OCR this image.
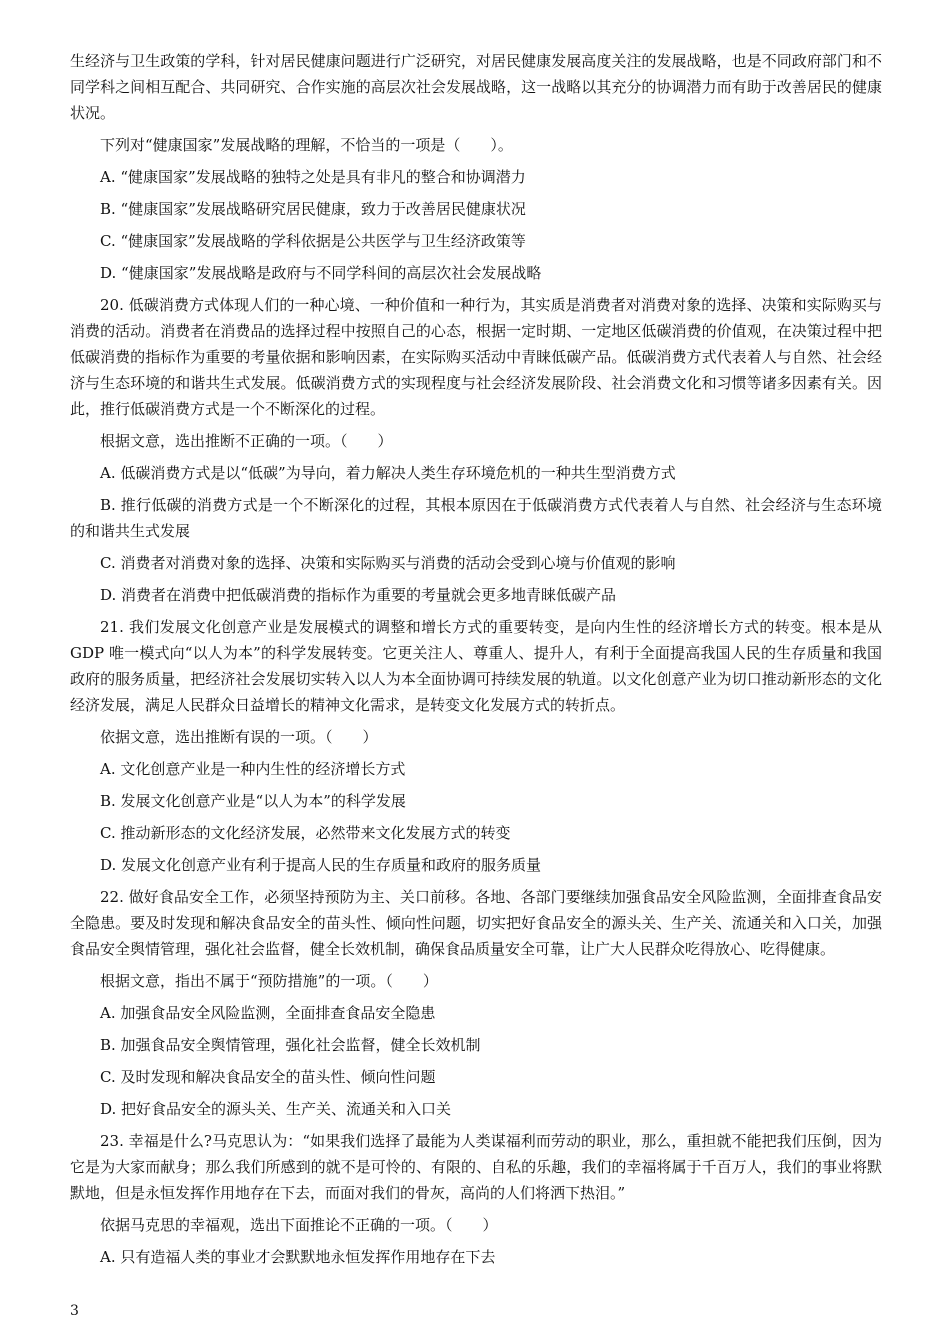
生经济与卫生政策的学科，针对居民健康问题进行广泛研究，对居民健康发展高度关注的发展战略，也是不同政府部门和不同学科之间相互配合、共同研究、合作实施的高层次社会发展战略，这一战略以其充分的协调潜力而有助于改善居民的健康状况。

下列对“健康国家”发展战略的理解，不恰当的一项是（　　）。

A. “健康国家”发展战略的独特之处是具有非凡的整合和协调潜力

B. “健康国家”发展战略研究居民健康，致力于改善居民健康状况

C. “健康国家”发展战略的学科依据是公共医学与卫生经济政策等

D. “健康国家”发展战略是政府与不同学科间的高层次社会发展战略

20. 低碳消费方式体现人们的一种心境、一种价值和一种行为，其实质是消费者对消费对象的选择、决策和实际购买与消费的活动。消费者在消费品的选择过程中按照自己的心态，根据一定时期、一定地区低碳消费的价值观，在决策过程中把低碳消费的指标作为重要的考量依据和影响因素，在实际购买活动中青睐低碳产品。低碳消费方式代表着人与自然、社会经济与生态环境的和谐共生式发展。低碳消费方式的实现程度与社会经济发展阶段、社会消费文化和习惯等诸多因素有关。因此，推行低碳消费方式是一个不断深化的过程。

根据文意，选出推断不正确的一项。（　　）

A. 低碳消费方式是以“低碳”为导向，着力解决人类生存环境危机的一种共生型消费方式

B. 推行低碳的消费方式是一个不断深化的过程，其根本原因在于低碳消费方式代表着人与自然、社会经济与生态环境的和谐共生式发展

C. 消费者对消费对象的选择、决策和实际购买与消费的活动会受到心境与价值观的影响

D. 消费者在消费中把低碳消费的指标作为重要的考量就会更多地青睐低碳产品

21. 我们发展文化创意产业是发展模式的调整和增长方式的重要转变，是向内生性的经济增长方式的转变。根本是从 GDP 唯一模式向“以人为本”的科学发展转变。它更关注人、尊重人、提升人，有利于全面提高我国人民的生存质量和我国政府的服务质量，把经济社会发展切实转入以人为本全面协调可持续发展的轨道。以文化创意产业为切口推动新形态的文化经济发展，满足人民群众日益增长的精神文化需求，是转变文化发展方式的转折点。

依据文意，选出推断有误的一项。（　　）

A. 文化创意产业是一种内生性的经济增长方式

B. 发展文化创意产业是“以人为本”的科学发展

C. 推动新形态的文化经济发展，必然带来文化发展方式的转变

D. 发展文化创意产业有利于提高人民的生存质量和政府的服务质量

22. 做好食品安全工作，必须坚持预防为主、关口前移。各地、各部门要继续加强食品安全风险监测，全面排查食品安全隐患。要及时发现和解决食品安全的苗头性、倾向性问题，切实把好食品安全的源头关、生产关、流通关和入口关，加强食品安全舆情管理，强化社会监督，健全长效机制，确保食品质量安全可靠，让广大人民群众吃得放心、吃得健康。

根据文意，指出不属于“预防措施”的一项。（　　）

A. 加强食品安全风险监测，全面排查食品安全隐患

B. 加强食品安全舆情管理，强化社会监督，健全长效机制

C. 及时发现和解决食品安全的苗头性、倾向性问题

D. 把好食品安全的源头关、生产关、流通关和入口关

23. 幸福是什么?马克思认为：“如果我们选择了最能为人类谋福利而劳动的职业，那么，重担就不能把我们压倒，因为它是为大家而献身；那么我们所感到的就不是可怜的、有限的、自私的乐趣，我们的幸福将属于千百万人，我们的事业将默默地，但是永恒发挥作用地存在下去，而面对我们的骨灰，高尚的人们将洒下热泪。”

依据马克思的幸福观，选出下面推论不正确的一项。（　　）

A. 只有造福人类的事业才会默默地永恒发挥作用地存在下去

3
